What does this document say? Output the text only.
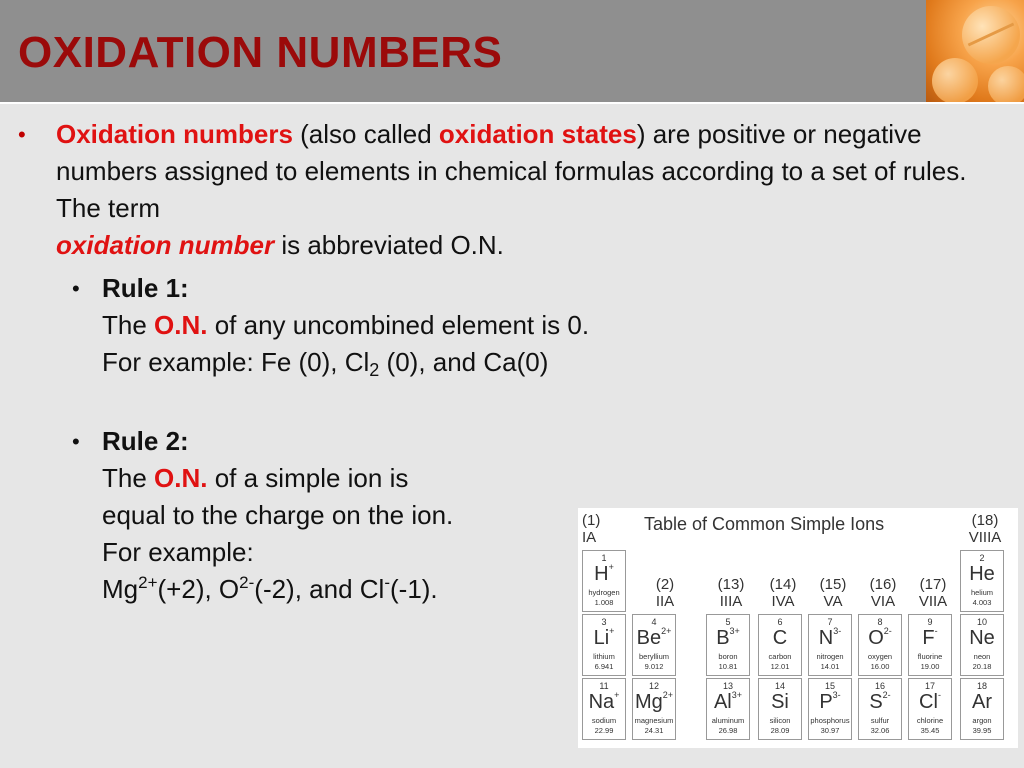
OXIDATION NUMBERS
• Oxidation numbers (also called oxidation states) are positive or negative numbers assigned to elements in chemical formulas according to a set of rules. The term
oxidation number is abbreviated O.N.
• Rule 1:
The O.N. of any uncombined element is 0.
For example: Fe (0), $Cl_2$ (0), and Ca(0)
• Rule 2:
The O.N. of a simple ion is
equal to the charge on the ion.
For example:
$Mg^{2+}(+2)$, $O^{2-}(-2)$, and Cl-(-1).
Table of Common Simple Ions
(1)
IA
(2)
IIA
(13)
IIIA
(14)
IVA
(15)
VA
(16)
VIA
(17)
VIIA
(18)
VIIIA
1
H+
hydrogen
1.008
2
He
helium
4.003
3
Li+
lithium
6.941
4
$Be^{2+}$
beryllium
9.012
5
$B^{3+}$
boron
10.81
6
C
carbon
12.01
7
$N^{3-}$
nitrogen
14.01
8
$O^{2-}$
oxygen
16.00
9
F-
fluorine
19.00
10
Ne
neon
20.18
11
Na+
sodium
22.99
12
$Mg^{2+}$
magnesium
24.31
13
$Al^{3+}$
aluminum
26.98
14
Si
silicon
28.09
15
$P^{3-}$
phosphorus
30.97
16
$S^{2-}$
sulfur
32.06
17
Cl-
chlorine
35.45
18
Ar
argon
39.95
